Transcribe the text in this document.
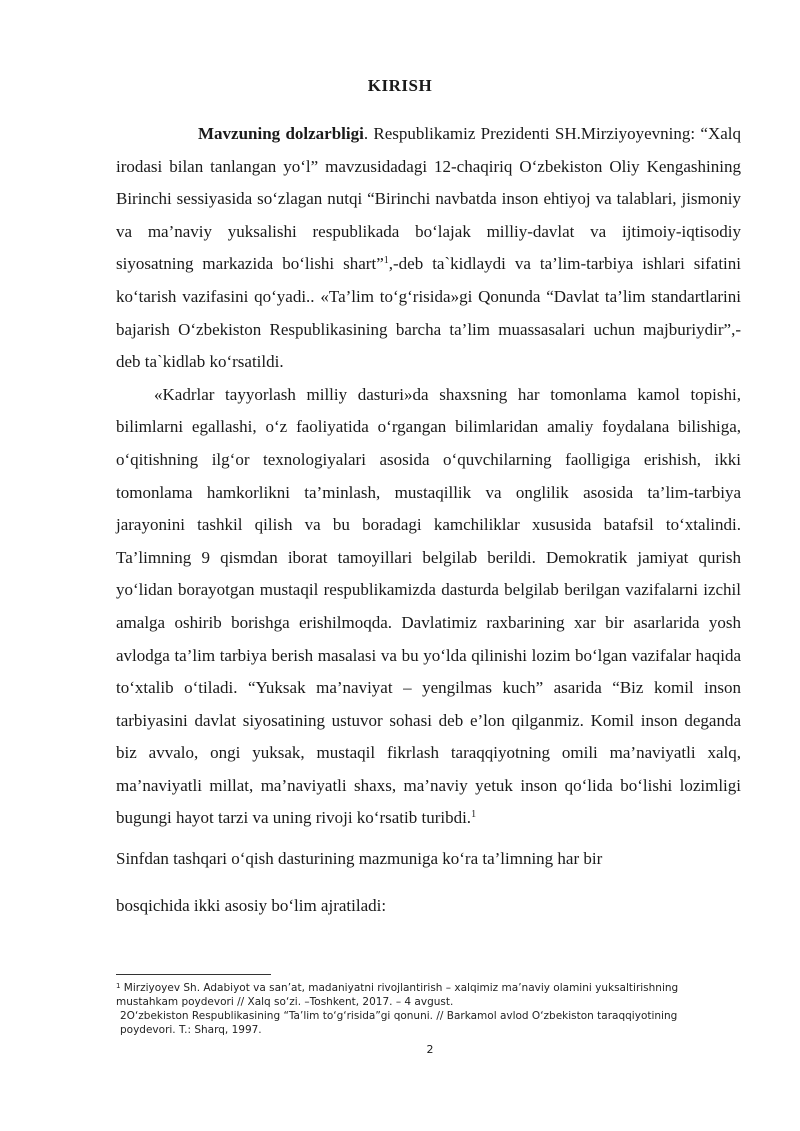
KIRISH

Mavzuning dolzarbligi. Respublikamiz Prezidenti SH.Mirziyoyevning: “Xalq irodasi bilan tanlangan yo‘l” mavzusidadagi 12-chaqiriq O‘zbekiston Oliy Kengashining Birinchi sessiyasida so‘zlagan nutqi “Birinchi navbatda inson ehtiyoj va talablari, jismoniy va ma’naviy yuksalishi respublikada bo‘lajak milliy-davlat va ijtimoiy-iqtisodiy siyosatning markazida bo‘lishi shart”$^1$,-deb ta`kidlaydi va ta’lim-tarbiya ishlari sifatini ko‘tarish vazifasini qo‘yadi.. «Ta’lim to‘g‘risida»gi Qonunda “Davlat ta’lim standartlarini bajarish O‘zbekiston Respublikasining barcha ta’lim muassasalari uchun majburiydir”,- deb ta`kidlab ko‘rsatildi.

«Kadrlar tayyorlash milliy dasturi»da shaxsning har tomonlama kamol topishi, bilimlarni egallashi, o‘z faoliyatida o‘rgangan bilimlaridan amaliy foydalana bilishiga, o‘qitishning ilg‘or texnologiyalari asosida o‘quvchilarning faolligiga erishish, ikki tomonlama hamkorlikni ta’minlash, mustaqillik va onglilik asosida ta’lim-tarbiya jarayonini tashkil qilish va bu boradagi kamchiliklar xususida batafsil to‘xtalindi. Ta’limning 9 qismdan iborat tamoyillari belgilab berildi. Demokratik jamiyat qurish yo‘lidan borayotgan mustaqil respublikamizda dasturda belgilab berilgan vazifalarni izchil amalga oshirib borishga erishilmoqda. Davlatimiz raxbarining xar bir asarlarida yosh avlodga ta’lim tarbiya berish masalasi va bu yo‘lda qilinishi lozim bo‘lgan vazifalar haqida to‘xtalib o‘tiladi. “Yuksak ma’naviyat – yengilmas kuch” asarida “Biz komil inson tarbiyasini davlat siyosatining ustuvor sohasi deb e’lon qilganmiz. Komil inson deganda biz avvalo, ongi yuksak, mustaqil fikrlash taraqqiyotning omili ma’naviyatli xalq, ma’naviyatli millat, ma’naviyatli shaxs, ma’naviy yetuk inson qo‘lida bo‘lishi lozimligi bugungi hayot tarzi va uning rivoji ko‘rsatib turibdi.$^1$

Sinfdan tashqari o‘qish dasturining mazmuniga ko‘ra ta’limning har bir

bosqichida ikki asosiy bo‘lim ajratiladi:

$^1$ Mirziyoyev Sh. Adabiyot va san’at, madaniyatni rivojlantirish – xalqimiz ma’naviy olamini yuksaltirishning mustahkam poydevori // Xalq so‘zi. –Toshkent, 2017. – 4 avgust.

2O‘zbekiston Respublikasining “Ta’lim to‘g‘risida”gi qonuni. // Barkamol avlod O‘zbekiston taraqqiyotining poydevori. T.: Sharq, 1997.

2
